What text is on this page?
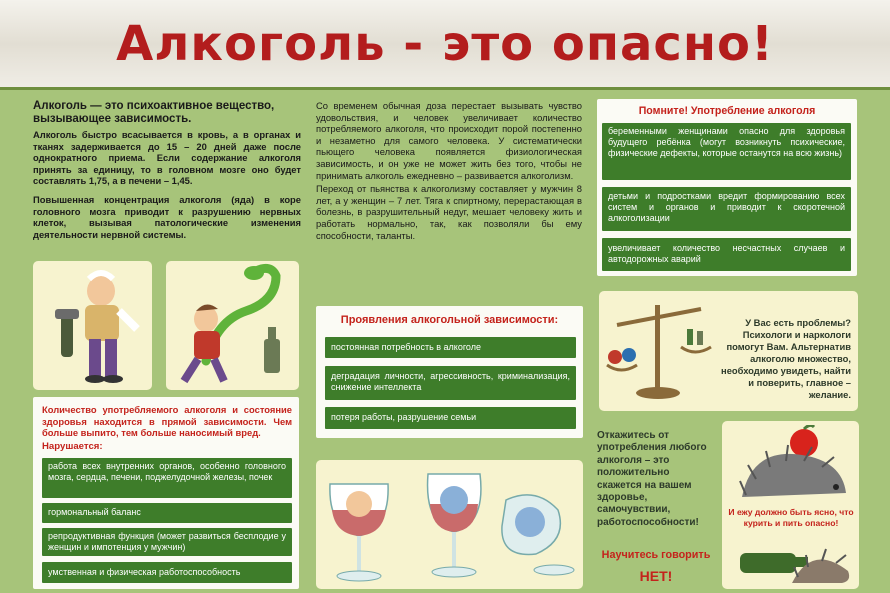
Алкоголь - это опасно!
Алкоголь — это психоактивное вещество, вызывающее зависимость.
Алкоголь быстро всасывается в кровь, а в органах и тканях задерживается до 15 – 20 дней даже после однократного приема. Если содержание алкоголя принять за единицу, то в головном мозге оно будет составлять 1,75, а в печени – 1,45.
Повышенная концентрация алкоголя (яда) в коре головного мозга приводит к разрушению нервных клеток, вызывая патологические изменения деятельности нервной системы.
Со временем обычная доза перестает вызывать чувство удовольствия, и человек увеличивает количество потребляемого алкоголя, что происходит порой постепенно и незаметно для самого человека. У систематически пьющего человека появляется физиологическая зависимость, и он уже не может жить без того, чтобы не принимать алкоголь ежедневно – развивается алкоголизм.
Переход от пьянства к алкоголизму составляет у мужчин 8 лет, а у женщин – 7 лет. Тяга к спиртному, перерастающая в болезнь, в разрушительный недуг, мешает человеку жить и работать нормально, так, как позволяли бы ему способности, таланты.
Помните! Употребление алкоголя
беременными женщинами опасно для здоровья будущего ребёнка (могут возникнуть психические, физические дефекты, которые останутся на всю жизнь)
детьми и подростками вредит формированию всех систем и органов и приводит к скоротечной алкоголизации
увеличивает количество несчастных случаев и автодорожных аварий
Количество употребляемого алкоголя и состояние здоровья находится в прямой зависимости. Чем больше выпито, тем больше наносимый вред.
Нарушается:
работа всех внутренних органов, особенно головного мозга, сердца, печени, поджелудочной железы, почек
гормональный баланс
репродуктивная функция (может развиться бесплодие у женщин и импотенция у мужчин)
умственная и физическая работоспособность
Проявления алкогольной зависимости:
постоянная потребность в алкоголе
деградация личности, агрессивность, криминализация, снижение интеллекта
потеря работы, разрушение семьи
У Вас есть проблемы? Психологи и наркологи помогут Вам. Альтернатив алкоголю множество, необходимо увидеть, найти и поверить, главное – желание.
Откажитесь от употребления любого алкоголя – это положительно скажется на вашем здоровье, самочувствии, работоспособности!
Научитесь говорить
НЕТ!
И ежу должно быть ясно, что курить и пить опасно!
